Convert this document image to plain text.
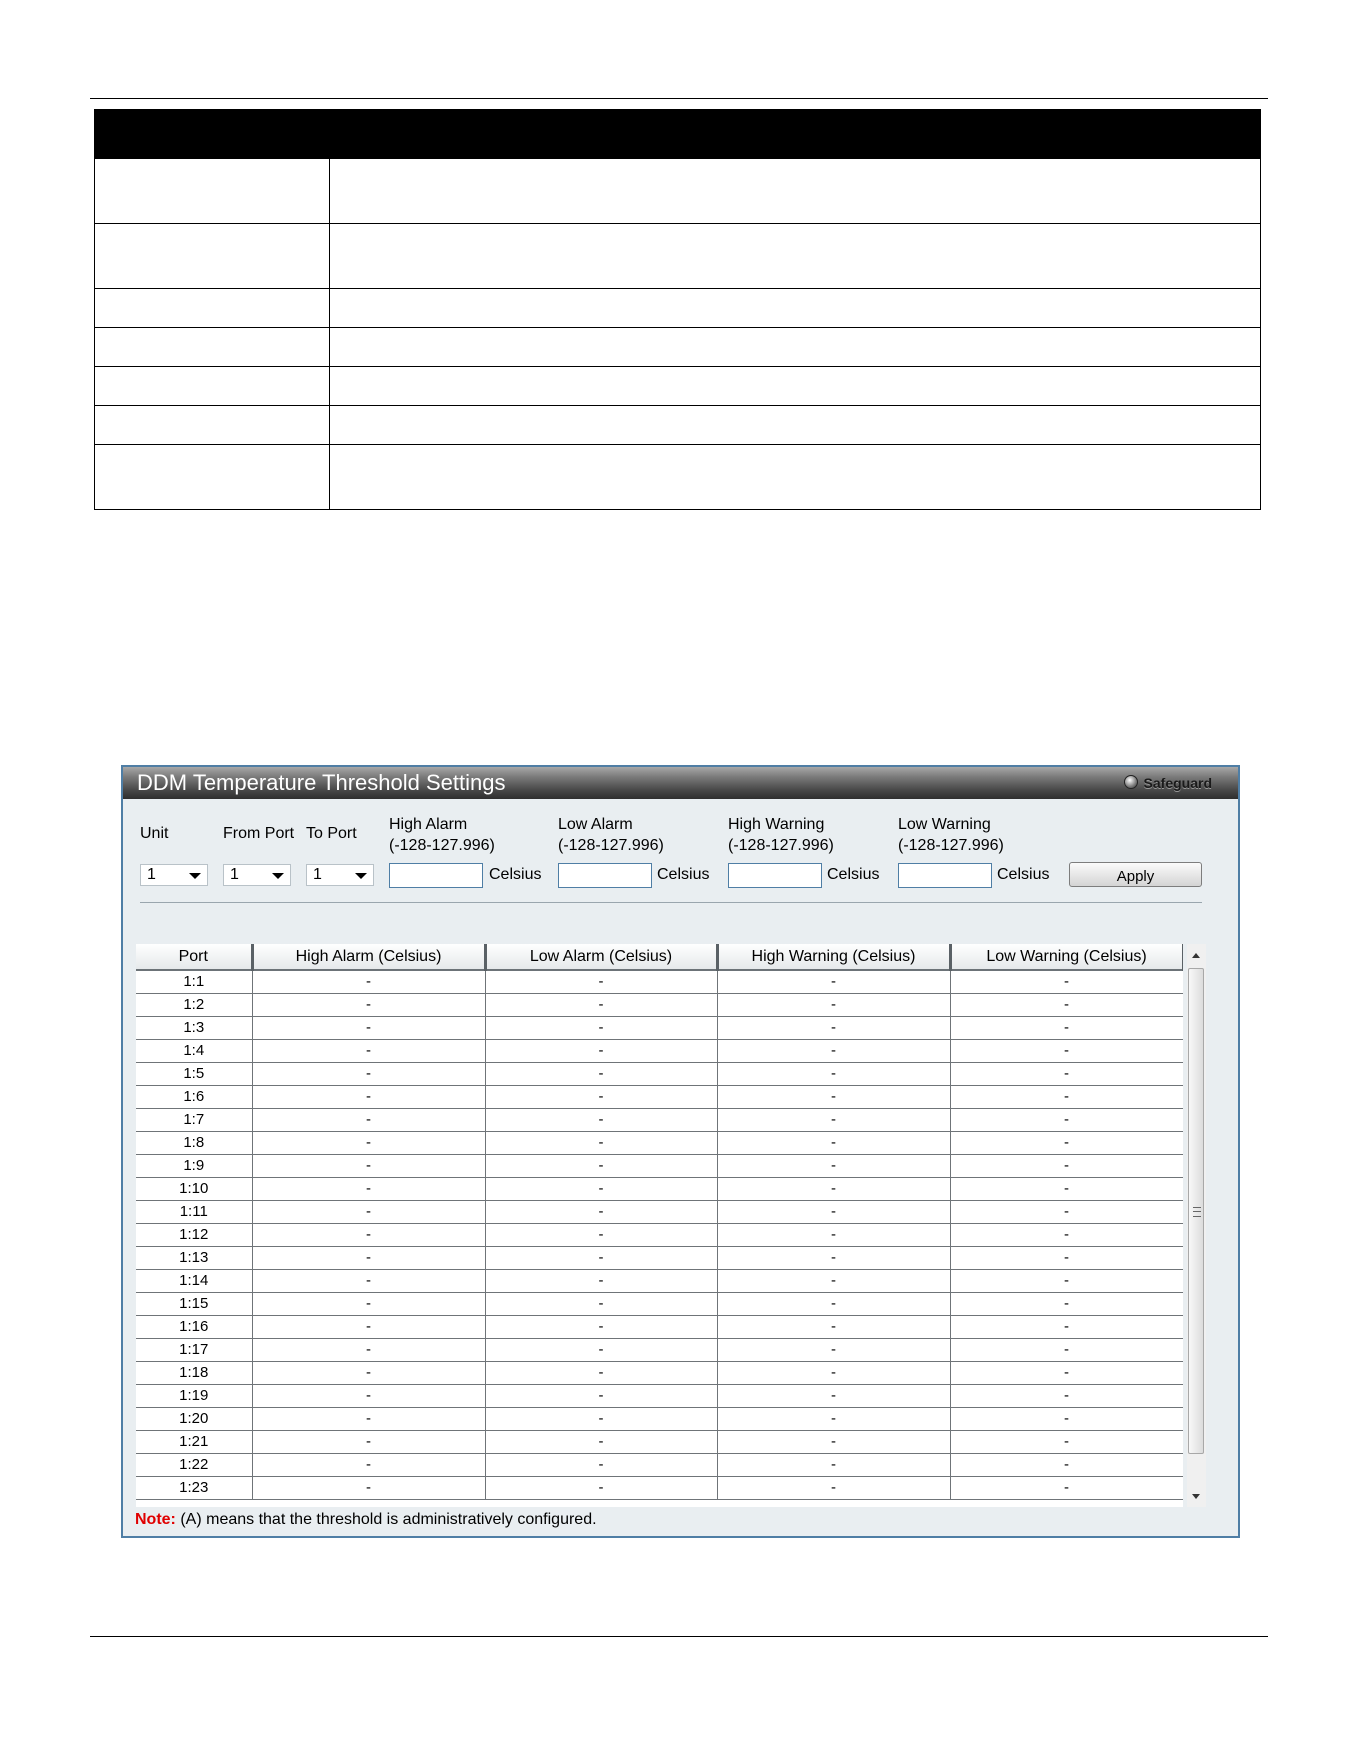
DDM Temperature Threshold Settings	Safeguard
Unit	From Port To Port
High Alarm
(-128-127.996)
Low Alarm
(-128-127.996)
High Warning
(-128-127.996)
Low Warning
(-128-127.996)
1	1	1	Celsius	Celsius	Celsius	Celsius	Apply
Port	High Alarm (Celsius)	Low Alarm (Celsius)	High Warning (Celsius)	Low Warning (Celsius)
1:1	-	-	-	-
1:2	-	-	-	-
1:3	-	-	-	-
1:4	-	-	-	-
1:5	-	-	-	-
1:6	-	-	-	-
1:7	-	-	-	-
1:8	-	-	-	-
1:9	-	-	-	-
1:10	-	-	-	-
1:11	-	-	-	-
1:12	-	-	-	-
1:13	-	-	-	-
1:14	-	-	-	-
1:15	-	-	-	-
1:16	-	-	-	-
1:17	-	-	-	-
1:18	-	-	-	-
1:19	-	-	-	-
1:20	-	-	-	-
1:21	-	-	-	-
1:22	-	-	-	-
1:23	-	-	-	-
Note: (A) means that the threshold is administratively configured.
